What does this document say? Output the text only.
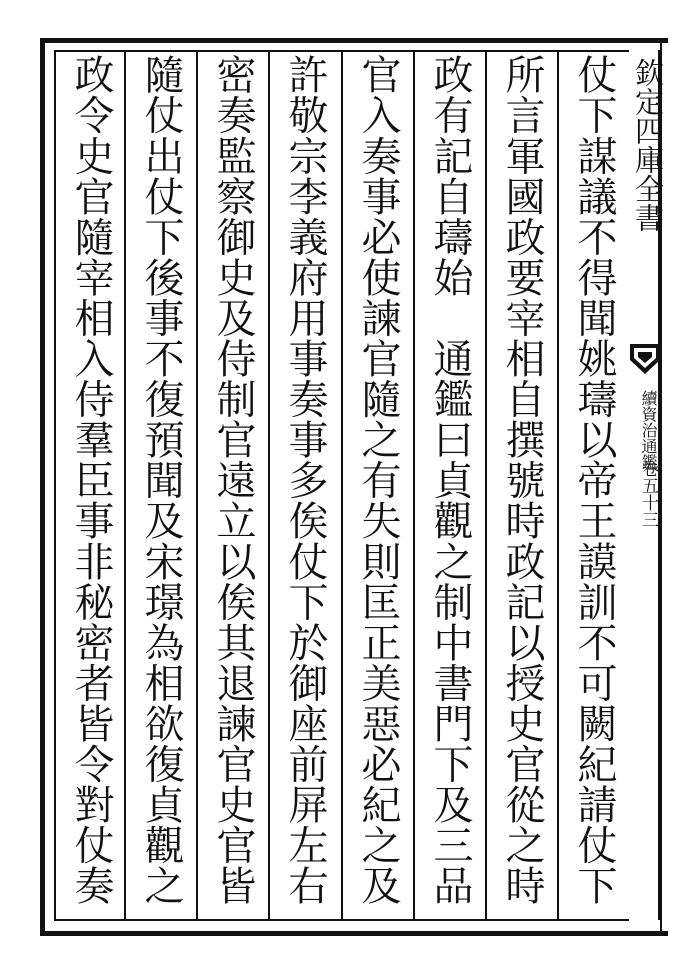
仗下謀議不得聞姚璹以帝王謨訓不可闕紀請仗下
所言軍國政要宰相自撰號時政記以授史官從之時
政有記自璹始　通鑑曰貞觀之制中書門下及三品
官入奏事必使諫官隨之有失則匡正美惡必紀之及
許敬宗李義府用事奏事多俟仗下於御座前屏左右
密奏監察御史及侍制官遠立以俟其退諫官史官皆
隨仗出仗下後事不復預聞及宋璟為相欲復貞觀之
政令史官隨宰相入侍羣臣事非秘密者皆令對仗奏	欽定四庫全書
續資治通鑑
卷五十三
